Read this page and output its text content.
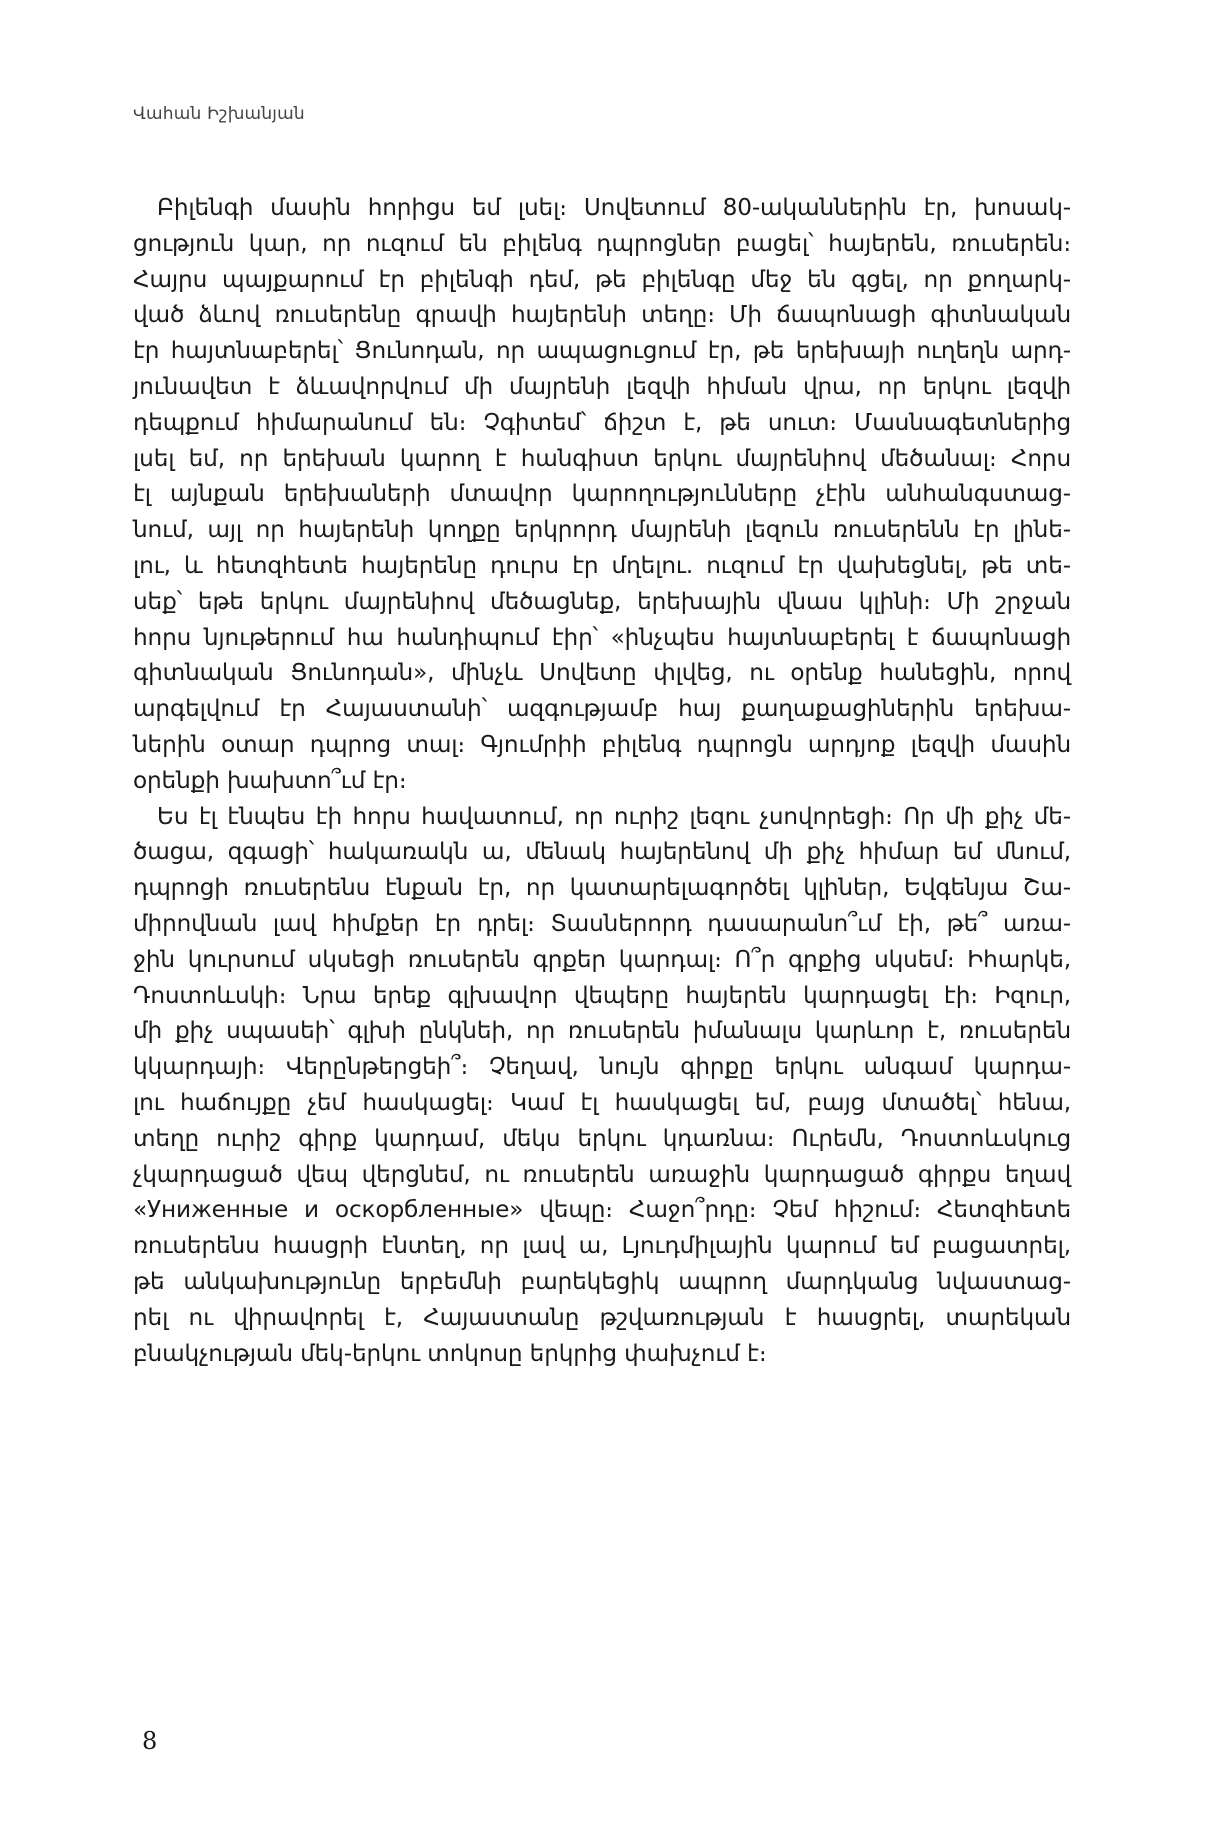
Վահան Իշխանյան
Բիլենգի մասին հորիցս եմ լսել։ Սովետում 80-ականներին էր, խոսակ-
ցություն կար, որ ուզում են բիլենգ դպրոցներ բացել՝ հայերեն, ռուսերեն։
Հայրս պայքարում էր բիլենգի դեմ, թե բիլենգը մեջ են գցել, որ քողարկ-
ված ձևով ռուսերենը գրավի հայերենի տեղը։ Մի ճապոնացի գիտնական
էր հայտնաբերել՝ Ցունոդան, որ ապացուցում էր, թե երեխայի ուղեղն արդ-
յունավետ է ձևավորվում մի մայրենի լեզվի հիման վրա, որ երկու լեզվի
դեպքում հիմարանում են։ Չգիտեմ՝ ճիշտ է, թե սուտ։ Մասնագետներից
լսել եմ, որ երեխան կարող է հանգիստ երկու մայրենիով մեծանալ։ Հորս
էլ այնքան երեխաների մտավոր կարողությունները չէին անհանգստաց-
նում, այլ որ հայերենի կողքը երկրորդ մայրենի լեզուն ռուսերենն էր լինե-
լու, և հետզհետե հայերենը դուրս էր մղելու. ուզում էր վախեցնել, թե տե-
սեք՝ եթե երկու մայրենիով մեծացնեք, երեխային վնաս կլինի։ Մի շրջան
հորս նյութերում հա հանդիպում էիր՝ «ինչպես հայտնաբերել է ճապոնացի
գիտնական Ցունոդան», մինչև Սովետը փլվեց, ու օրենք հանեցին, որով
արգելվում էր Հայաստանի՝ ազգությամբ հայ քաղաքացիներին երեխա-
ներին օտար դպրոց տալ։ Գյումրիի բիլենգ դպրոցն արդյոք լեզվի մասին
օրենքի խախտո՞ւմ էր։
Ես էլ էնպես էի հորս հավատում, որ ուրիշ լեզու չսովորեցի։ Որ մի քիչ մե-
ծացա, զգացի՝ հակառակն ա, մենակ հայերենով մի քիչ հիմար եմ մնում,
դպրոցի ռուսերենս էնքան էր, որ կատարելագործել կլիներ, Եվգենյա Շա-
միրովնան լավ հիմքեր էր դրել։ Տասներորդ դասարանո՞ւմ էի, թե՞ առա-
ջին կուրսում սկսեցի ռուսերեն գրքեր կարդալ։ Ո՞ր գրքից սկսեմ։ Իհարկե,
Դոստոևսկի։ Նրա երեք գլխավոր վեպերը հայերեն կարդացել էի։ Իզուր,
մի քիչ սպասեի՝ գլխի ընկնեի, որ ռուսերեն իմանալս կարևոր է, ռուսերեն
կկարդայի։ Վերընթերցեի՞։ Չեղավ, նույն գիրքը երկու անգամ կարդա-
լու հաճույքը չեմ հասկացել։ Կամ էլ հասկացել եմ, բայց մտածել՝ հենա,
տեղը ուրիշ գիրք կարդամ, մեկս երկու կդառնա։ Ուրեմն, Դոստոևսկուց
չկարդացած վեպ վերցնեմ, ու ռուսերեն առաջին կարդացած գիրքս եղավ
«Униженные и оскорбленные» վեպը։ Հաջո՞րդը։ Չեմ հիշում։ Հետզհետե
ռուսերենս հասցրի էնտեղ, որ լավ ա, Լյուդմիլային կարում եմ բացատրել,
թե անկախությունը երբեմնի բարեկեցիկ ապրող մարդկանց նվաստաց-
րել ու վիրավորել է, Հայաստանը թշվառության է հասցրել, տարեկան
բնակչության մեկ-երկու տոկոսը երկրից փախչում է։
8
